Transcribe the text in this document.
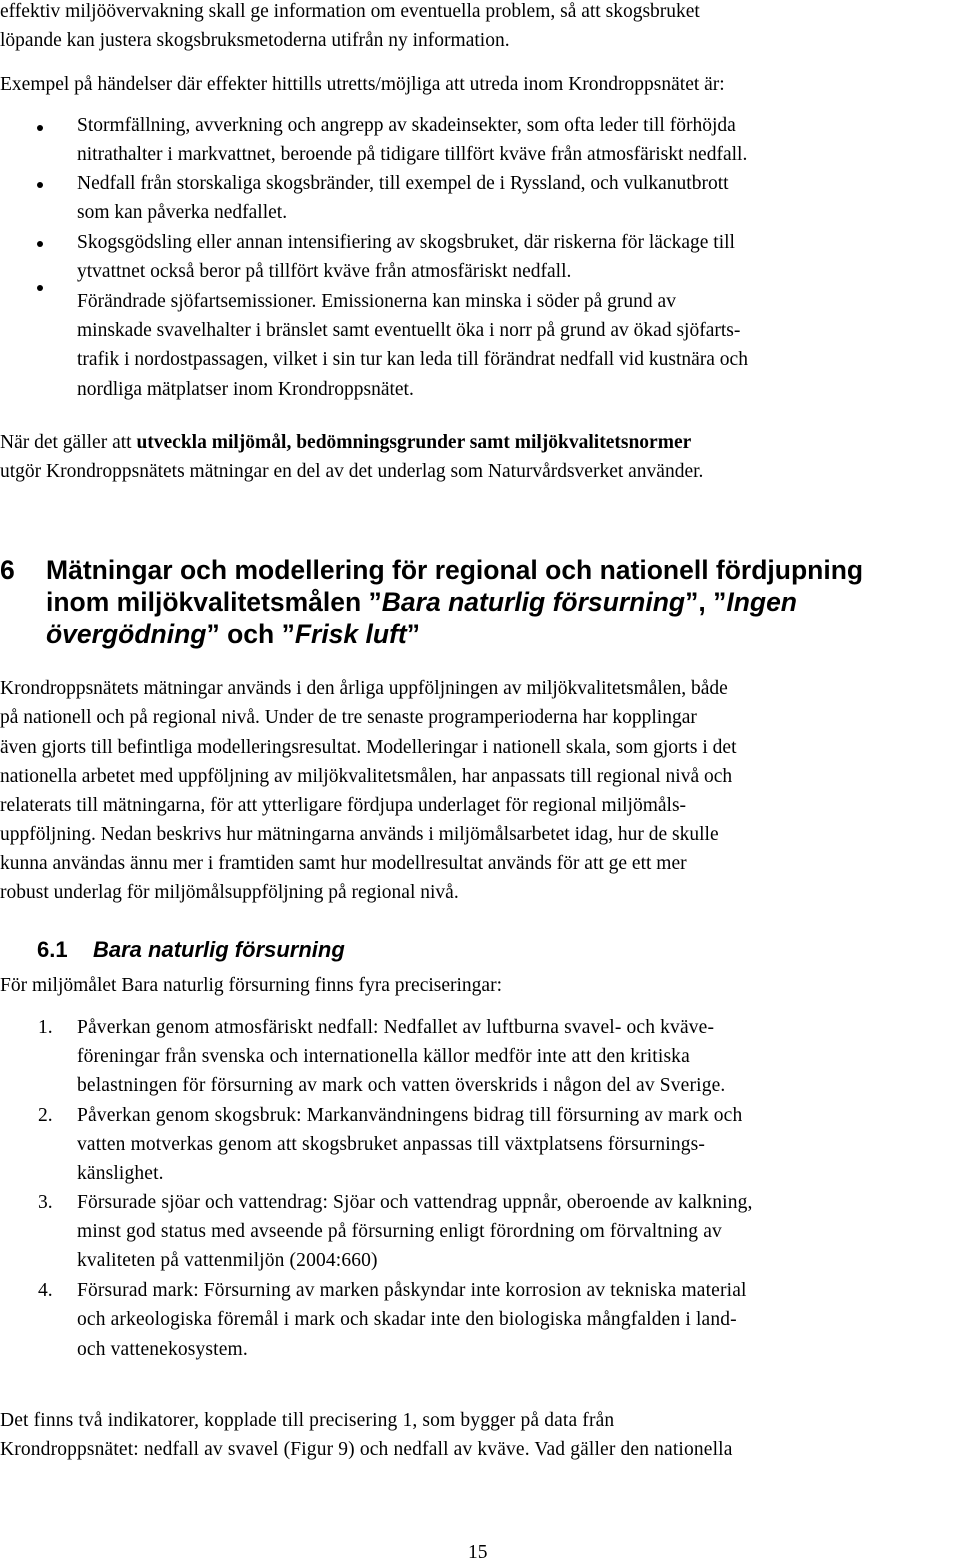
effektiv miljöövervakning skall ge information om eventuella problem, så att skogsbruket
löpande kan justera skogsbruksmetoderna utifrån ny information.
Exempel på händelser där effekter hittills utretts/möjliga att utreda inom Krondroppsnätet är:
Stormfällning, avverkning och angrepp av skadeinsekter, som ofta leder till förhöjda
nitrathalter i markvattnet, beroende på tidigare tillfört kväve från atmosfäriskt nedfall.
Nedfall från storskaliga skogsbränder, till exempel de i Ryssland, och vulkanutbrott
som kan påverka nedfallet.
Skogsgödsling eller annan intensifiering av skogsbruket, där riskerna för läckage till
ytvattnet också beror på tillfört kväve från atmosfäriskt nedfall.
Förändrade sjöfartsemissioner. Emissionerna kan minska i söder på grund av
minskade svavelhalter i bränslet samt eventuellt öka i norr på grund av ökad sjöfarts-
trafik i nordostpassagen, vilket i sin tur kan leda till förändrat nedfall vid kustnära och
nordliga mätplatser inom Krondroppsnätet.
När det gäller att utveckla miljömål, bedömningsgrunder samt miljökvalitetsnormer
utgör Krondroppsnätets mätningar en del av det underlag som Naturvårdsverket använder.
6 Mätningar och modellering för regional och nationell fördjupning
inom miljökvalitetsmålen ”Bara naturlig försurning”, ”Ingen
övergödning” och ”Frisk luft”
Krondroppsnätets mätningar används i den årliga uppföljningen av miljökvalitetsmålen, både
på nationell och på regional nivå. Under de tre senaste programperioderna har kopplingar
även gjorts till befintliga modelleringsresultat. Modelleringar i nationell skala, som gjorts i det
nationella arbetet med uppföljning av miljökvalitetsmålen, har anpassats till regional nivå och
relaterats till mätningarna, för att ytterligare fördjupa underlaget för regional miljömåls-
uppföljning. Nedan beskrivs hur mätningarna används i miljömålsarbetet idag, hur de skulle
kunna användas ännu mer i framtiden samt hur modellresultat används för att ge ett mer
robust underlag för miljömålsuppföljning på regional nivå.
6.1 Bara naturlig försurning
För miljömålet Bara naturlig försurning finns fyra preciseringar:
1. Påverkan genom atmosfäriskt nedfall: Nedfallet av luftburna svavel- och kväve-
föreningar från svenska och internationella källor medför inte att den kritiska
belastningen för försurning av mark och vatten överskrids i någon del av Sverige.
2. Påverkan genom skogsbruk: Markanvändningens bidrag till försurning av mark och
vatten motverkas genom att skogsbruket anpassas till växtplatsens försurnings-
känslighet.
3. Försurade sjöar och vattendrag: Sjöar och vattendrag uppnår, oberoende av kalkning,
minst god status med avseende på försurning enligt förordning om förvaltning av
kvaliteten på vattenmiljön (2004:660)
4. Försurad mark: Försurning av marken påskyndar inte korrosion av tekniska material
och arkeologiska föremål i mark och skadar inte den biologiska mångfalden i land-
och vattenekosystem.
Det finns två indikatorer, kopplade till precisering 1, som bygger på data från
Krondroppsnätet: nedfall av svavel (Figur 9) och nedfall av kväve. Vad gäller den nationella
15
